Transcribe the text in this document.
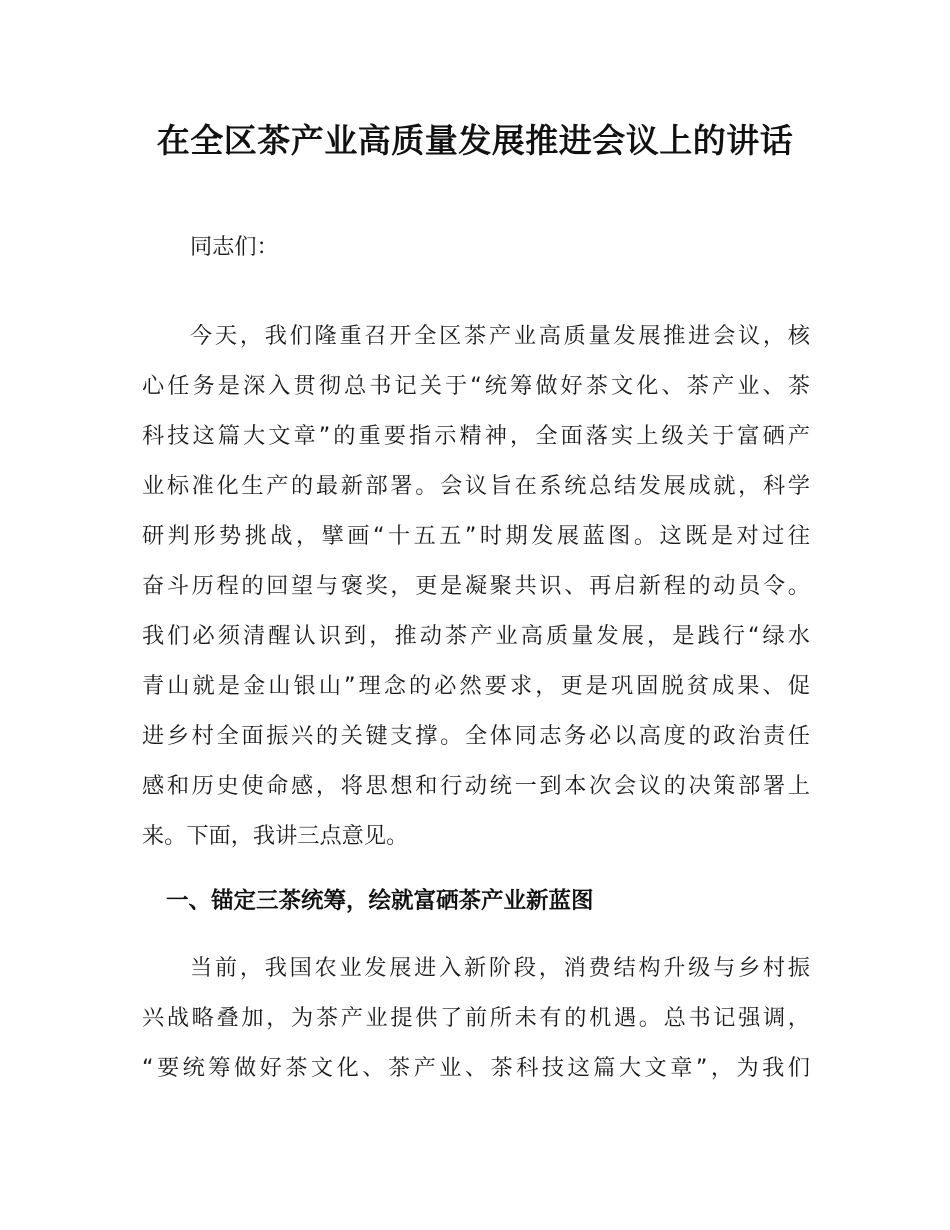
在全区茶产业高质量发展推进会议上的讲话
同志们：
今天，我们隆重召开全区茶产业高质量发展推进会议，核
心任务是深入贯彻总书记关于“统筹做好茶文化、茶产业、茶
科技这篇大文章”的重要指示精神，全面落实上级关于富硒产
业标准化生产的最新部署。会议旨在系统总结发展成就，科学
研判形势挑战，擘画“十五五”时期发展蓝图。这既是对过往
奋斗历程的回望与褒奖，更是凝聚共识、再启新程的动员令。
我们必须清醒认识到，推动茶产业高质量发展，是践行“绿水
青山就是金山银山”理念的必然要求，更是巩固脱贫成果、促
进乡村全面振兴的关键支撑。全体同志务必以高度的政治责任
感和历史使命感，将思想和行动统一到本次会议的决策部署上
来。下面，我讲三点意见。
一、锚定三茶统筹，绘就富硒茶产业新蓝图
当前，我国农业发展进入新阶段，消费结构升级与乡村振
兴战略叠加，为茶产业提供了前所未有的机遇。总书记强调，
“要统筹做好茶文化、茶产业、茶科技这篇大文章”，为我们
